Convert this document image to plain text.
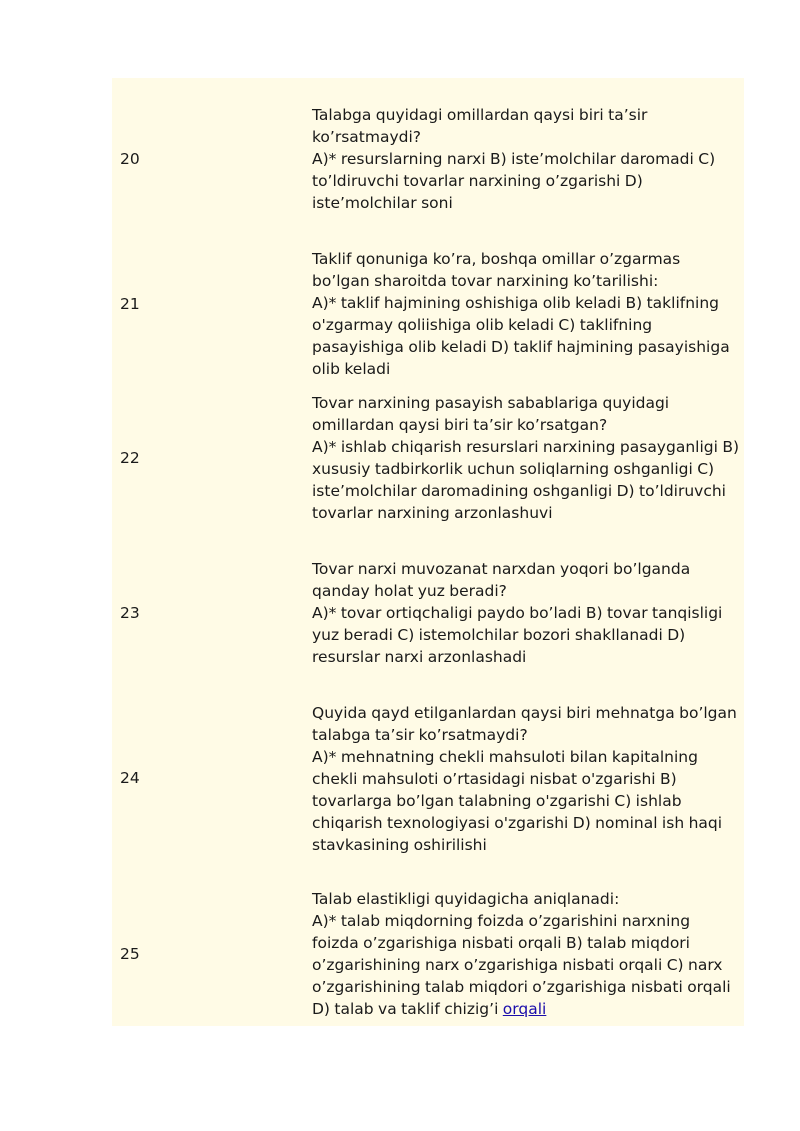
20
Talabga quyidagi omillardan qaysi biri ta’sir ko’rsatmaydi?
A)* resurslarning narxi B) iste’molchilar daromadi C) to’ldiruvchi tovarlar narxining o’zgarishi D) iste’molchilar soni
21
Taklif qonuniga ko’ra, boshqa omillar o’zgarmas bo’lgan sharoitda tovar narxining ko’tarilishi:
A)* taklif hajmining oshishiga olib keladi B) taklifning o'zgarmay qoliishiga olib keladi C) taklifning pasayishiga olib keladi D) taklif hajmining pasayishiga olib keladi
22
Tovar narxining pasayish sabablariga quyidagi omillardan qaysi biri ta’sir ko’rsatgan?
A)* ishlab chiqarish resurslari narxining pasayganligi B) xususiy tadbirkorlik uchun soliqlarning oshganligi C) iste’molchilar daromadining oshganligi D) to’ldiruvchi tovarlar narxining arzonlashuvi
23
Tovar narxi muvozanat narxdan yoqori bo’lganda qanday holat yuz beradi?
A)* tovar ortiqchaligi paydo bo’ladi B) tovar tanqisligi yuz beradi C) istemolchilar bozori shakllanadi D) resurslar narxi arzonlashadi
24
Quyida qayd etilganlardan qaysi biri mehnatga bo’lgan talabga ta’sir ko’rsatmaydi?
A)* mehnatning chekli mahsuloti bilan kapitalning chekli mahsuloti o’rtasidagi nisbat o'zgarishi B) tovarlarga bo’lgan talabning o'zgarishi C) ishlab chiqarish texnologiyasi o'zgarishi D) nominal ish haqi stavkasining oshirilishi
25
Talab elastikligi quyidagicha aniqlanadi:
A)* talab miqdorning foizda o’zgarishini narxning foizda o’zgarishiga nisbati orqali B) talab miqdori o’zgarishining narx o’zgarishiga nisbati orqali C) narx o’zgarishining talab miqdori o’zgarishiga nisbati orqali D) talab va taklif chizig’i orqali
